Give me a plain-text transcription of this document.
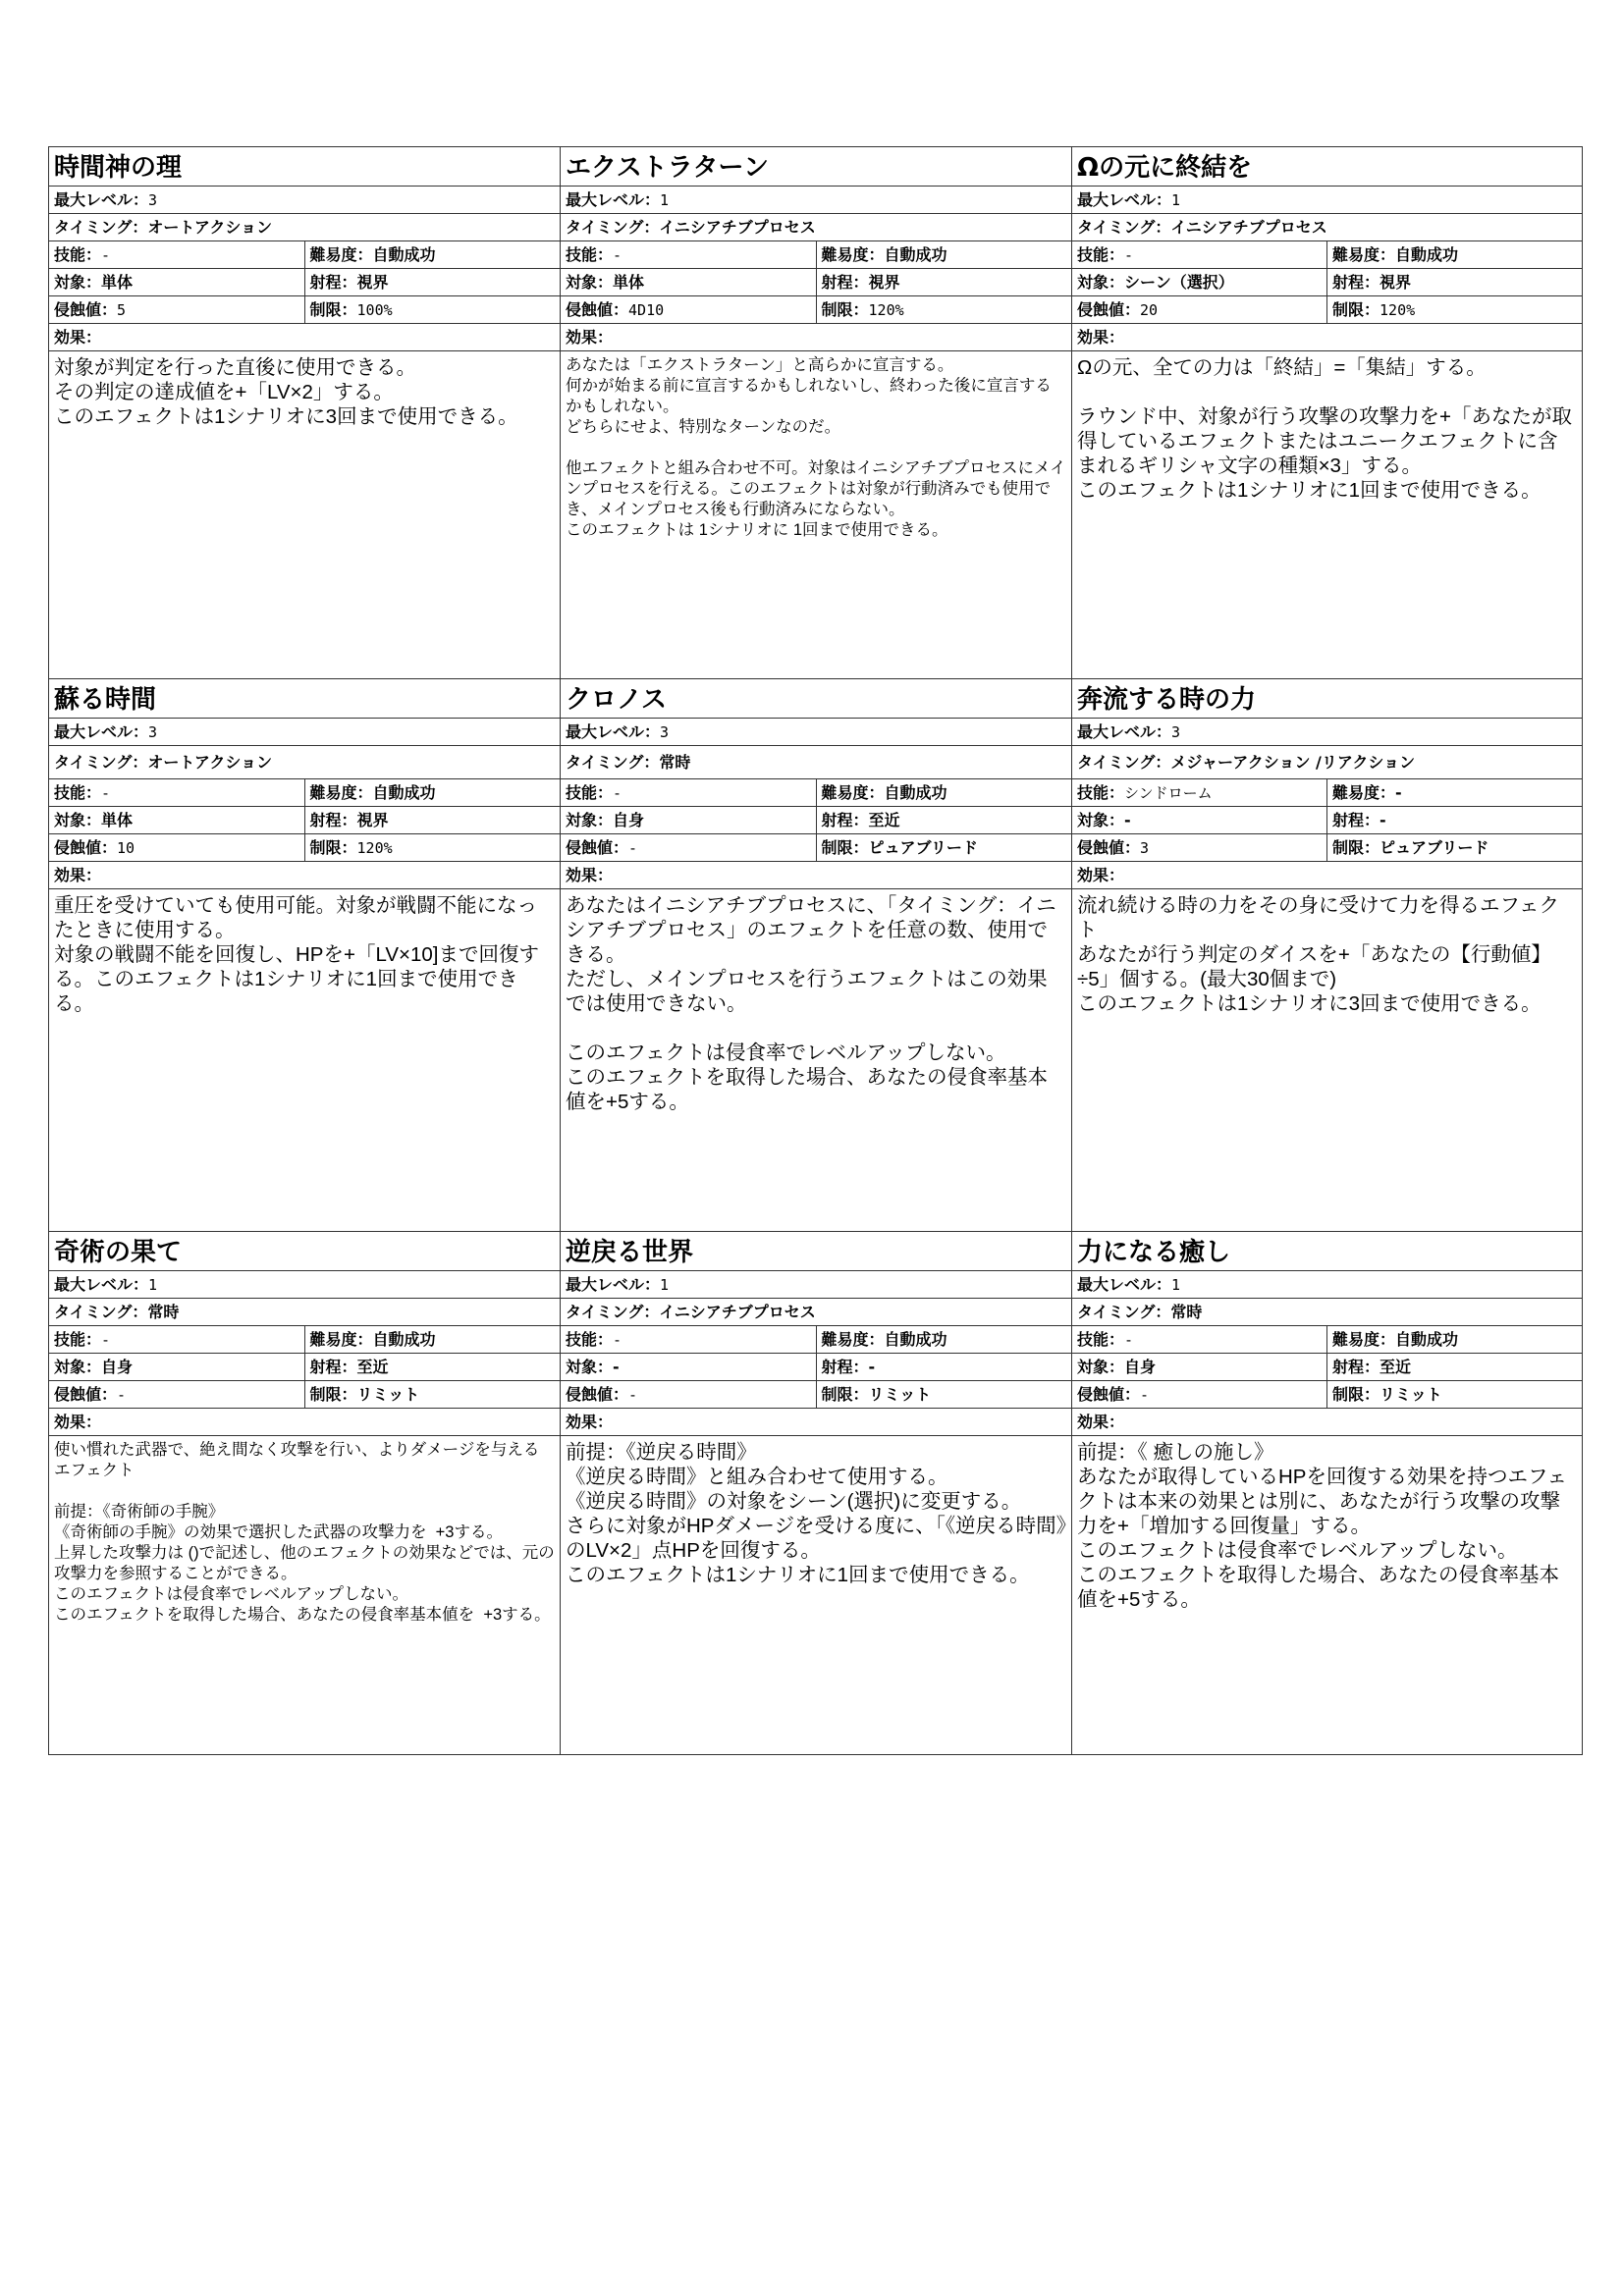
時間神の理
最大レベル：3
タイミング：オートアクション
技能：-	難易度：自動成功
対象：単体	射程：視界
侵蝕値：5	制限：100%
効果：
対象が判定を行った直後に使用できる。
その判定の達成値を+「LV×2」する。
このエフェクトは1シナリオに3回まで使用できる。
エクストラターン
最大レベル：1
タイミング：イニシアチブプロセス
技能：-	難易度：自動成功
対象：単体	射程：視界
侵蝕値：4D10	制限：120%
効果：
あなたは「エクストラターン」と高らかに宣言する。
何かが始まる前に宣言するかもしれないし、終わった後に宣言するかもしれない。
どちらにせよ、特別なターンなのだ。

他エフェクトと組み合わせ不可。対象はイニシアチブプロセスにメインプロセスを行える。このエフェクトは対象が行動済みでも使用でき、メインプロセス後も行動済みにならない。
このエフェクトは 1シナリオに 1回まで使用できる。
Ωの元に終結を
最大レベル：1
タイミング：イニシアチブプロセス
技能：-	難易度：自動成功
対象：シーン（選択）	射程：視界
侵蝕値：20	制限：120%
効果：
Ωの元、全ての力は「終結」=「集結」する。

ラウンド中、対象が行う攻撃の攻撃力を+「あなたが取得しているエフェクトまたはユニークエフェクトに含まれるギリシャ文字の種類×3」する。
このエフェクトは1シナリオに1回まで使用できる。
蘇る時間
最大レベル：3
タイミング：オートアクション
技能：-	難易度：自動成功
対象：単体	射程：視界
侵蝕値：10	制限：120%
効果：
重圧を受けていても使用可能。対象が戦闘不能になったときに使用する。
対象の戦闘不能を回復し、HPを+「LV×10]まで回復する。このエフェクトは1シナリオに1回まで使用できる。
クロノス
最大レベル：3
タイミング：常時
技能：-	難易度：自動成功
対象：自身	射程：至近
侵蝕値：-	制限：ピュアブリード
効果：
あなたはイニシアチブプロセスに、「タイミング：イニシアチブプロセス」のエフェクトを任意の数、使用できる。
ただし、メインプロセスを行うエフェクトはこの効果では使用できない。

このエフェクトは侵食率でレベルアップしない。
このエフェクトを取得した場合、あなたの侵食率基本値を+5する。
奔流する時の力
最大レベル：3
タイミング：メジャーアクション /リアクション
技能：シンドローム	難易度：-
対象：-	射程：-
侵蝕値：3	制限：ピュアブリード
効果：
流れ続ける時の力をその身に受けて力を得るエフェクト
あなたが行う判定のダイスを+「あなたの【行動値】÷5」個する。(最大30個まで)
このエフェクトは1シナリオに3回まで使用できる。
奇術の果て
最大レベル：1
タイミング：常時
技能：-	難易度：自動成功
対象：自身	射程：至近
侵蝕値：-	制限：リミット
効果：
使い慣れた武器で、絶え間なく攻撃を行い、よりダメージを与えるエフェクト

前提：《奇術師の手腕》
《奇術師の手腕》の効果で選択した武器の攻撃力を  +3する。
上昇した攻撃力は ()で記述し、他のエフェクトの効果などでは、元の攻撃力を参照することができる。
このエフェクトは侵食率でレベルアップしない。
このエフェクトを取得した場合、あなたの侵食率基本値を  +3する。
逆戻る世界
最大レベル：1
タイミング：イニシアチブプロセス
技能：-	難易度：自動成功
対象：-	射程：-
侵蝕値：-	制限：リミット
効果：
前提：《逆戻る時間》
《逆戻る時間》と組み合わせて使用する。
《逆戻る時間》の対象をシーン(選択)に変更する。
さらに対象がHPダメージを受ける度に、「《逆戻る時間》のLV×2」点HPを回復する。
このエフェクトは1シナリオに1回まで使用できる。
力になる癒し
最大レベル：1
タイミング：常時
技能：-	難易度：自動成功
対象：自身	射程：至近
侵蝕値：-	制限：リミット
効果：
前提：《 癒しの施し》
あなたが取得しているHPを回復する効果を持つエフェクトは本来の効果とは別に、あなたが行う攻撃の攻撃力を+「増加する回復量」する。
このエフェクトは侵食率でレベルアップしない。
このエフェクトを取得した場合、あなたの侵食率基本値を+5する。
